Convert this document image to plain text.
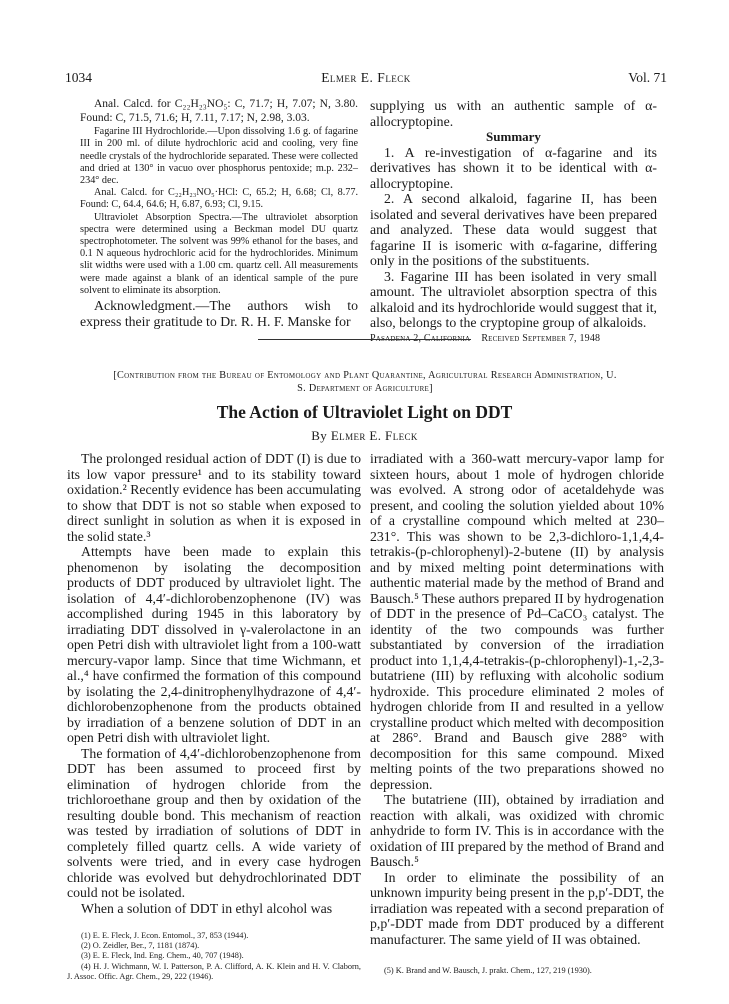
1034	Elmer E. Fleck	Vol. 71

Anal. Calcd. for C₂₂H₂₃NO₅: C, 71.7; H, 7.07; N, 3.80. Found: C, 71.5, 71.6; H, 7.11, 7.17; N, 2.98, 3.03.

Fagarine III Hydrochloride.—Upon dissolving 1.6 g. of fagarine III in 200 ml. of dilute hydrochloric acid and cooling, very fine needle crystals of the hydrochloride separated. These were collected and dried at 130° in vacuo over phosphorus pentoxide; m.p. 232–234° dec.

Anal. Calcd. for C₂₂H₂₃NO₅·HCl: C, 65.2; H, 6.68; Cl, 8.77. Found: C, 64.4, 64.6; H, 6.87, 6.93; Cl, 9.15.

Ultraviolet Absorption Spectra.—The ultraviolet absorption spectra were determined using a Beckman model DU quartz spectrophotometer. The solvent was 99% ethanol for the bases, and 0.1 N aqueous hydrochloric acid for the hydrochlorides. Minimum slit widths were used with a 1.00 cm. quartz cell. All measurements were made against a blank of an identical sample of the pure solvent to eliminate its absorption.

Acknowledgment.—The authors wish to express their gratitude to Dr. R. H. F. Manske for

supplying us with an authentic sample of α-allocryptopine.

Summary

1. A re-investigation of α-fagarine and its derivatives has shown it to be identical with α-allocryptopine.

2. A second alkaloid, fagarine II, has been isolated and several derivatives have been prepared and analyzed. These data would suggest that fagarine II is isomeric with α-fagarine, differing only in the positions of the substituents.

3. Fagarine III has been isolated in very small amount. The ultraviolet absorption spectra of this alkaloid and its hydrochloride would suggest that it, also, belongs to the cryptopine group of alkaloids.

Pasadena 2, California Received September 7, 1948

[Contribution from the Bureau of Entomology and Plant Quarantine, Agricultural Research Administration, U. S. Department of Agriculture]
The Action of Ultraviolet Light on DDT
By Elmer E. Fleck

The prolonged residual action of DDT (I) is due to its low vapor pressure¹ and to its stability toward oxidation.² Recently evidence has been accumulating to show that DDT is not so stable when exposed to direct sunlight in solution as when it is exposed in the solid state.³

Attempts have been made to explain this phenomenon by isolating the decomposition products of DDT produced by ultraviolet light. The isolation of 4,4′-dichlorobenzophenone (IV) was accomplished during 1945 in this laboratory by irradiating DDT dissolved in γ-valerolactone in an open Petri dish with ultraviolet light from a 100-watt mercury-vapor lamp. Since that time Wichmann, et al.,⁴ have confirmed the formation of this compound by isolating the 2,4-dinitrophenylhydrazone of 4,4′-dichlorobenzophenone from the products obtained by irradiation of a benzene solution of DDT in an open Petri dish with ultraviolet light.

The formation of 4,4′-dichlorobenzophenone from DDT has been assumed to proceed first by elimination of hydrogen chloride from the trichloroethane group and then by oxidation of the resulting double bond. This mechanism of reaction was tested by irradiation of solutions of DDT in completely filled quartz cells. A wide variety of solvents were tried, and in every case hydrogen chloride was evolved but dehydrochlorinated DDT could not be isolated.

When a solution of DDT in ethyl alcohol was

(1) E. E. Fleck, J. Econ. Entomol., 37, 853 (1944).

(2) O. Zeidler, Ber., 7, 1181 (1874).

(3) E. E. Fleck, Ind. Eng. Chem., 40, 707 (1948).

(4) H. J. Wichmann, W. I. Patterson, P. A. Clifford, A. K. Klein and H. V. Claborn, J. Assoc. Offic. Agr. Chem., 29, 222 (1946).

irradiated with a 360-watt mercury-vapor lamp for sixteen hours, about 1 mole of hydrogen chloride was evolved. A strong odor of acetaldehyde was present, and cooling the solution yielded about 10% of a crystalline compound which melted at 230–231°. This was shown to be 2,3-dichloro-1,1,4,4-tetrakis-(p-chlorophenyl)-2-butene (II) by analysis and by mixed melting point determinations with authentic material made by the method of Brand and Bausch.⁵ These authors prepared II by hydrogenation of DDT in the presence of Pd–CaCO₃ catalyst. The identity of the two compounds was further substantiated by conversion of the irradiation product into 1,1,4,4-tetrakis-(p-chlorophenyl)-1,-2,3-butatriene (III) by refluxing with alcoholic sodium hydroxide. This procedure eliminated 2 moles of hydrogen chloride from II and resulted in a yellow crystalline product which melted with decomposition at 286°. Brand and Bausch give 288° with decomposition for this same compound. Mixed melting points of the two preparations showed no depression.

The butatriene (III), obtained by irradiation and reaction with alkali, was oxidized with chromic anhydride to form IV. This is in accordance with the oxidation of III prepared by the method of Brand and Bausch.⁵

In order to eliminate the possibility of an unknown impurity being present in the p,p′-DDT, the irradiation was repeated with a second preparation of p,p′-DDT made from DDT produced by a different manufacturer. The same yield of II was obtained.

(5) K. Brand and W. Bausch, J. prakt. Chem., 127, 219 (1930).
